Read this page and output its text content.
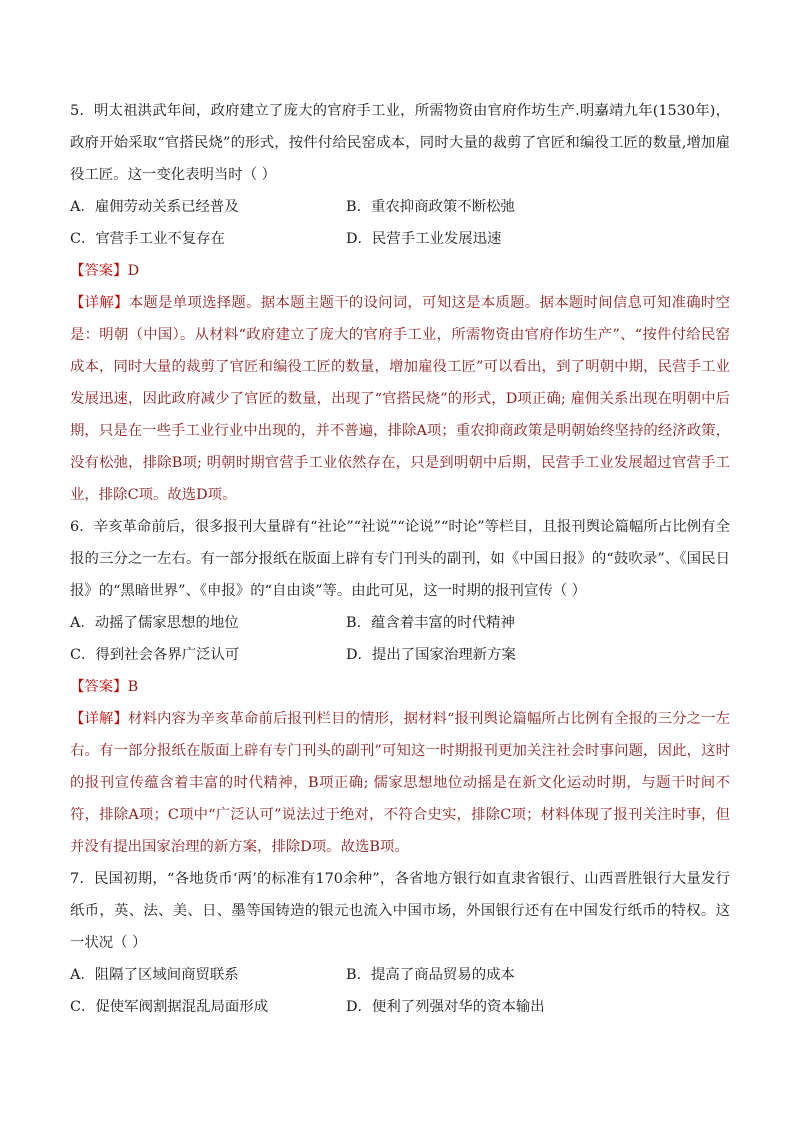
5．明太祖洪武年间，政府建立了庞大的官府手工业，所需物资由官府作坊生产.明嘉靖九年(1530年)，政府开始采取“官搭民烧”的形式，按件付给民窑成本，同时大量的裁剪了官匠和编役工匠的数量,增加雇役工匠。这一变化表明当时（ ）

A．雇佣劳动关系已经普及	B．重农抑商政策不断松弛
C．官营手工业不复存在	D．民营手工业发展迅速

【答案】D

【详解】本题是单项选择题。据本题主题干的设问词，可知这是本质题。据本题时间信息可知准确时空是：明朝（中国）。从材料“政府建立了庞大的官府手工业，所需物资由官府作坊生产”、“按件付给民窑成本，同时大量的裁剪了官匠和编役工匠的数量，增加雇役工匠”可以看出，到了明朝中期，民营手工业发展迅速，因此政府减少了官匠的数量，出现了“官搭民烧”的形式，D项正确; 雇佣关系出现在明朝中后期，只是在一些手工业行业中出现的，并不普遍，排除A项；重农抑商政策是明朝始终坚持的经济政策，没有松弛，排除B项; 明朝时期官营手工业依然存在，只是到明朝中后期，民营手工业发展超过官营手工业，排除C项。故选D项。

6．辛亥革命前后，很多报刊大量辟有“社论”“社说”“论说”“时论”等栏目，且报刊舆论篇幅所占比例有全报的三分之一左右。有一部分报纸在版面上辟有专门刊头的副刊，如《中国日报》的“鼓吹录”、《国民日报》的“黑暗世界”、《申报》的“自由谈”等。由此可见，这一时期的报刊宣传（ ）

A．动摇了儒家思想的地位	B．蕴含着丰富的时代精神
C．得到社会各界广泛认可	D．提出了国家治理新方案

【答案】B

【详解】材料内容为辛亥革命前后报刊栏目的情形，据材料“报刊舆论篇幅所占比例有全报的三分之一左右。有一部分报纸在版面上辟有专门刊头的副刊”可知这一时期报刊更加关注社会时事问题，因此，这时的报刊宣传蕴含着丰富的时代精神，B项正确; 儒家思想地位动摇是在新文化运动时期，与题干时间不符，排除A项；C项中“广泛认可”说法过于绝对，不符合史实，排除C项；材料体现了报刊关注时事，但并没有提出国家治理的新方案，排除D项。故选B项。

7．民国初期，“各地货币‘两’的标准有170余种”，各省地方银行如直隶省银行、山西晋胜银行大量发行纸币，英、法、美、日、墨等国铸造的银元也流入中国市场，外国银行还有在中国发行纸币的特权。这一状况（ ）

A．阻隔了区域间商贸联系	B．提高了商品贸易的成本
C．促使军阀割据混乱局面形成	D．便利了列强对华的资本输出
